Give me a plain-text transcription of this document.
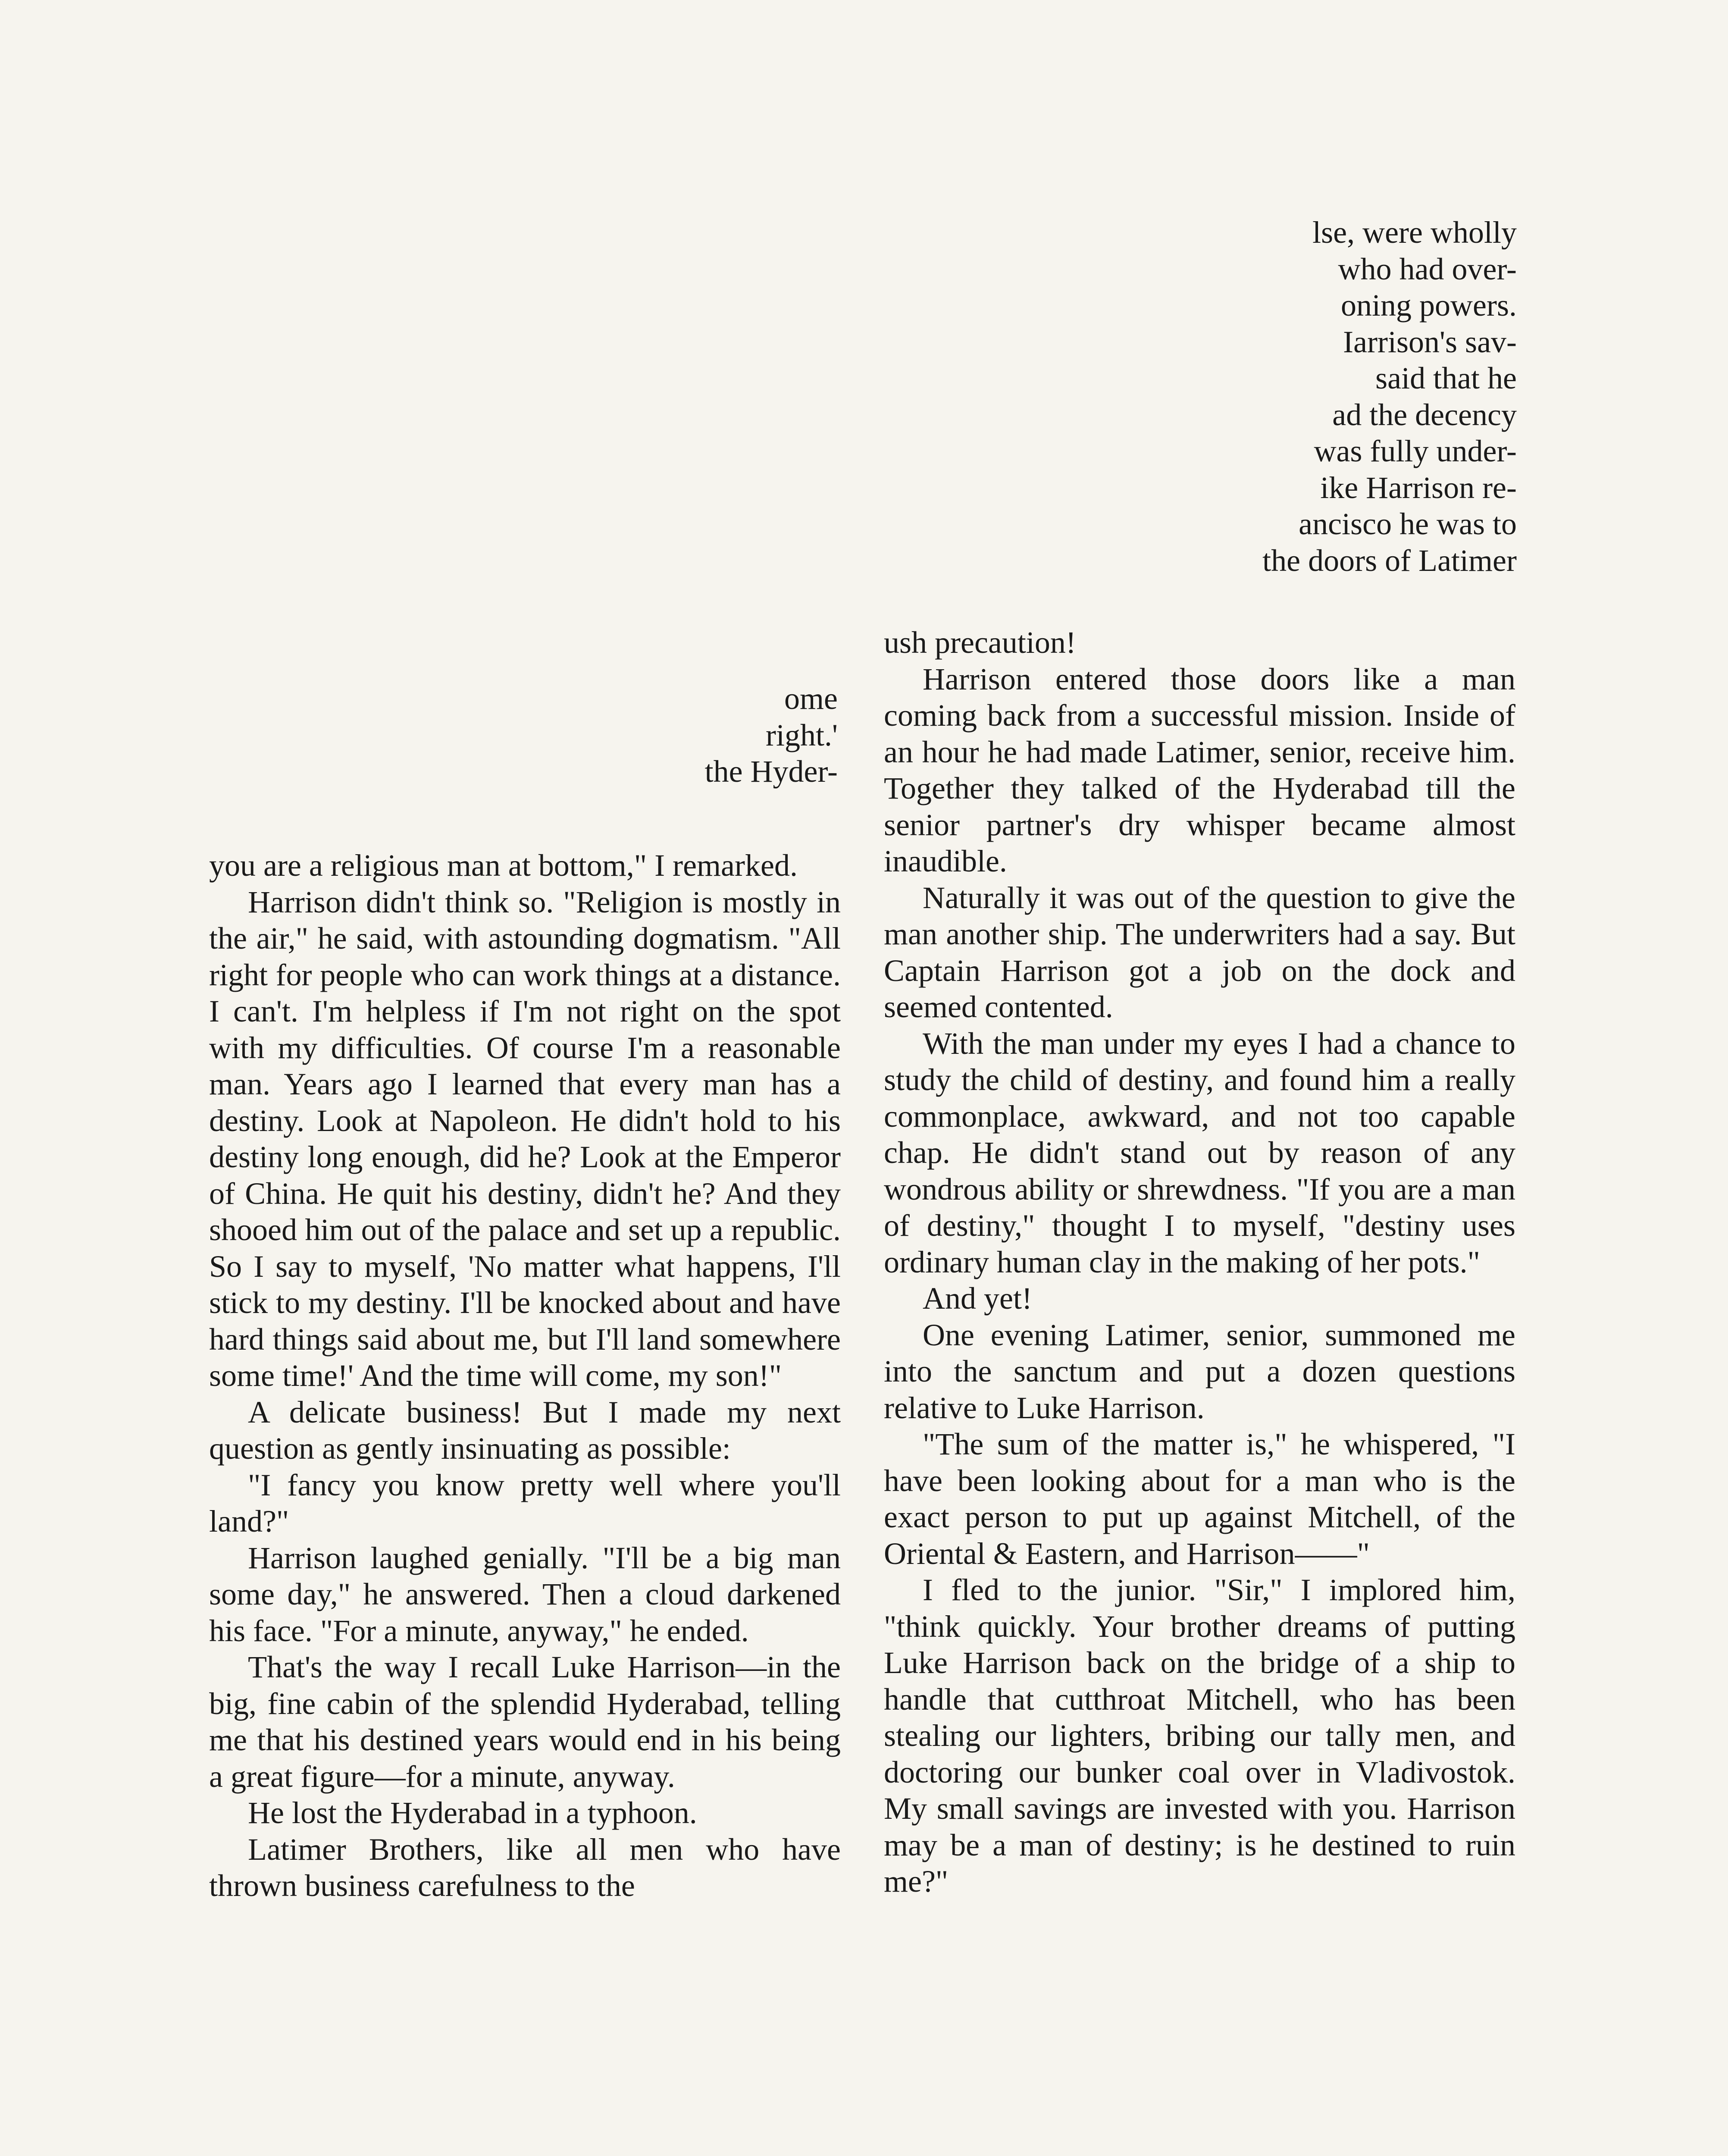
lse, were wholly
who had over-
oning powers.
Iarrison's sav-
said that he
ad the decency
was fully under-
ike Harrison re-
ancisco he was to
the doors of Latimer
ome
right.'
the Hyder-

you are a religious man at bottom," I remarked.

Harrison didn't think so. "Religion is mostly in the air," he said, with astounding dogmatism. "All right for people who can work things at a distance. I can't. I'm helpless if I'm not right on the spot with my difficulties. Of course I'm a reasonable man. Years ago I learned that every man has a destiny. Look at Napoleon. He didn't hold to his destiny long enough, did he? Look at the Emperor of China. He quit his destiny, didn't he? And they shooed him out of the palace and set up a republic. So I say to myself, 'No matter what happens, I'll stick to my destiny. I'll be knocked about and have hard things said about me, but I'll land somewhere some time!' And the time will come, my son!"

A delicate business! But I made my next question as gently insinuating as possible:

"I fancy you know pretty well where you'll land?"

Harrison laughed genially. "I'll be a big man some day," he answered. Then a cloud darkened his face. "For a minute, anyway," he ended.

That's the way I recall Luke Harrison—in the big, fine cabin of the splendid Hyderabad, telling me that his destined years would end in his being a great figure—for a minute, anyway.

He lost the Hyderabad in a typhoon.

Latimer Brothers, like all men who have thrown business carefulness to the

ush precaution!

Harrison entered those doors like a man coming back from a successful mission. Inside of an hour he had made Latimer, senior, receive him. Together they talked of the Hyderabad till the senior partner's dry whisper became almost inaudible.

Naturally it was out of the question to give the man another ship. The underwriters had a say. But Captain Harrison got a job on the dock and seemed contented.

With the man under my eyes I had a chance to study the child of destiny, and found him a really commonplace, awkward, and not too capable chap. He didn't stand out by reason of any wondrous ability or shrewdness. "If you are a man of destiny," thought I to myself, "destiny uses ordinary human clay in the making of her pots."

And yet!

One evening Latimer, senior, summoned me into the sanctum and put a dozen questions relative to Luke Harrison.

"The sum of the matter is," he whispered, "I have been looking about for a man who is the exact person to put up against Mitchell, of the Oriental & Eastern, and Harrison——"

I fled to the junior. "Sir," I implored him, "think quickly. Your brother dreams of putting Luke Harrison back on the bridge of a ship to handle that cutthroat Mitchell, who has been stealing our lighters, bribing our tally men, and doctoring our bunker coal over in Vladivostok. My small savings are invested with you. Harrison may be a man of destiny; is he destined to ruin me?"
